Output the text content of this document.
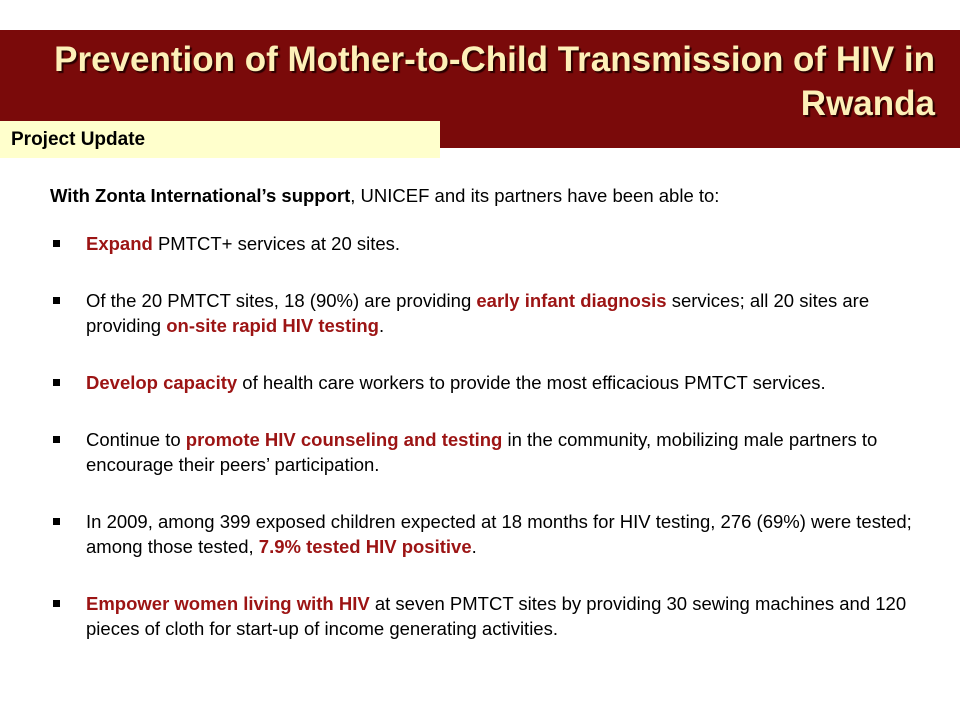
Prevention of Mother-to-Child Transmission of HIV in Rwanda

Project Update

With Zonta International’s support, UNICEF and its partners have been able to:

Expand PMTCT+ services at 20 sites.
Of the 20 PMTCT sites, 18 (90%) are providing early infant diagnosis services; all 20 sites are providing on-site rapid HIV testing.
Develop capacity of health care workers to provide the most efficacious PMTCT services.
Continue to promote HIV counseling and testing in the community, mobilizing male partners to encourage their peers’ participation.
In 2009, among 399 exposed children expected at 18 months for HIV testing, 276 (69%) were tested; among those tested, 7.9% tested HIV positive.
Empower women living with HIV at seven PMTCT sites by providing 30 sewing machines and 120 pieces of cloth for start-up of income generating activities.
